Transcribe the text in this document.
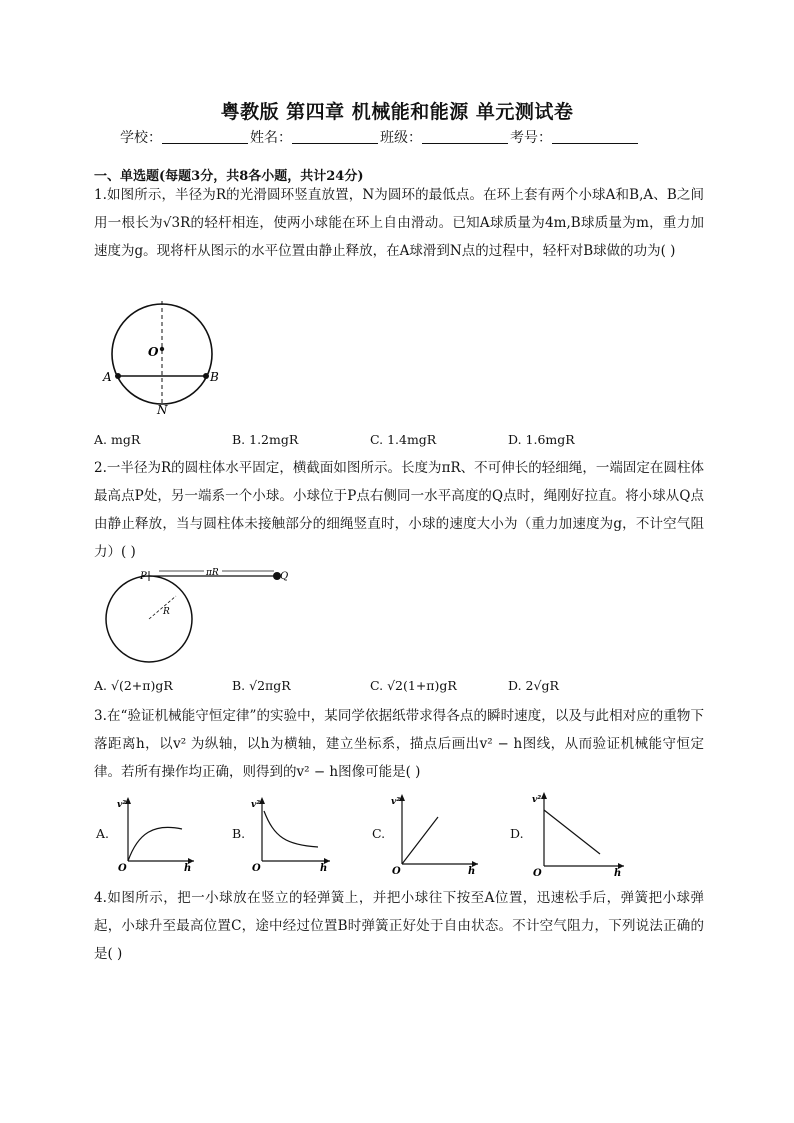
粤教版 第四章 机械能和能源 单元测试卷
学校：	姓名：	班级：	考号：
一、单选题(每题3分，共8各小题，共计24分)
1.如图所示，半径为R的光滑圆环竖直放置，N为圆环的最低点。在环上套有两个小球A和B,A、B之间用一根长为√3R的轻杆相连，使两小球能在环上自由滑动。已知A球质量为4m,B球质量为m，重力加速度为g。现将杆从图示的水平位置由静止释放，在A球滑到N点的过程中，轻杆对B球做的功为( )
O
A	B
N
A. mgR	B. 1.2mgR	C. 1.4mgR	D. 1.6mgR
2.一半径为R的圆柱体水平固定，横截面如图所示。长度为πR、不可伸长的轻细绳，一端固定在圆柱体最高点P处，另一端系一个小球。小球位于P点右侧同一水平高度的Q点时，绳刚好拉直。将小球从Q点由静止释放，当与圆柱体未接触部分的细绳竖直时，小球的速度大小为（重力加速度为g，不计空气阻力）( )
P	Q
πR
R
A. √(2+π)gR	B. √2πgR	C. √2(1+π)gR	D. 2√gR
3.在“验证机械能守恒定律”的实验中，某同学依据纸带求得各点的瞬时速度，以及与此相对应的重物下落距离h，以v² 为纵轴，以h为横轴，建立坐标系，描点后画出v² − h图线，从而验证机械能守恒定律。若所有操作均正确，则得到的v² − h图像可能是( )
A.
v²
h
O
B.
v²
h
O
C.
v²
h
O
D.
v²
h
O
4.如图所示，把一小球放在竖立的轻弹簧上，并把小球往下按至A位置，迅速松手后，弹簧把小球弹起，小球升至最高位置C，途中经过位置B时弹簧正好处于自由状态。不计空气阻力，下列说法正确的是( )
